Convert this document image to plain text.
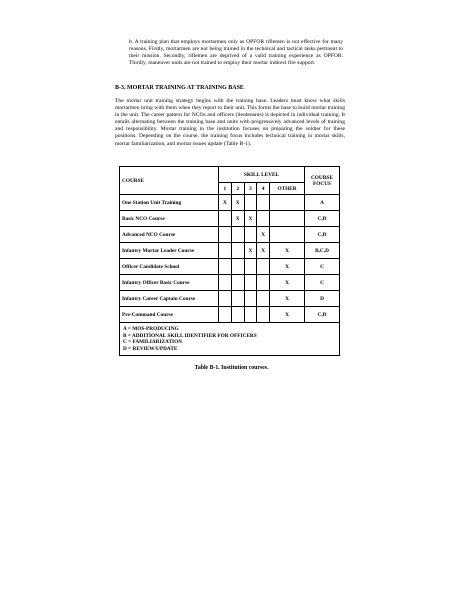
b. A training plan that employs mortarmen only as OPFOR riflemen is not effective for many reasons. Firstly, mortarmen are not being trained in the technical and tactical tasks pertinent to their mission. Secondly, riflemen are deprived of a valid training experience as OPFOR. Thirdly, maneuver units are not trained to employ their mortar indirect fire support.

B-3. MORTAR TRAINING AT TRAINING BASE

The mortar unit training strategy begins with the training base. Leaders must know what skills mortarmen bring with them when they report to their unit. This forms the base to build mortar training in the unit. The career pattern for NCOs and officers (lieutenants) is depicted in individual training. It entails alternating between the training base and units with progressively advanced levels of training and responsibility. Mortar training in the institution focuses on preparing the soldier for these positions. Depending on the course, the training focus includes technical training in mortar skills, mortar familiarization, and mortar issues update (Table B-1).

COURSE	SKILL LEVEL					COURSE FOCUS
	1	2	3	4	OTHER	
One Station Unit Training	X	X				A
Basic NCO Course		X	X			C,D
Advanced NCO Course				X		C,D
Infantry Mortar Leader Course			X	X	X	B,C,D
Officer Candidate School					X	C
Infantry Officer Basic Course					X	C
Infantry Career Captain Course					X	D
Pre-Command Course					X	C,D

A = MOS-PRODUCING
B = ADDITIONAL SKILL IDENTIFIER FOR OFFICERS
C = FAMILIARIZATION
D = REVIEW/UPDATE						
Table B-1. Institution courses.
